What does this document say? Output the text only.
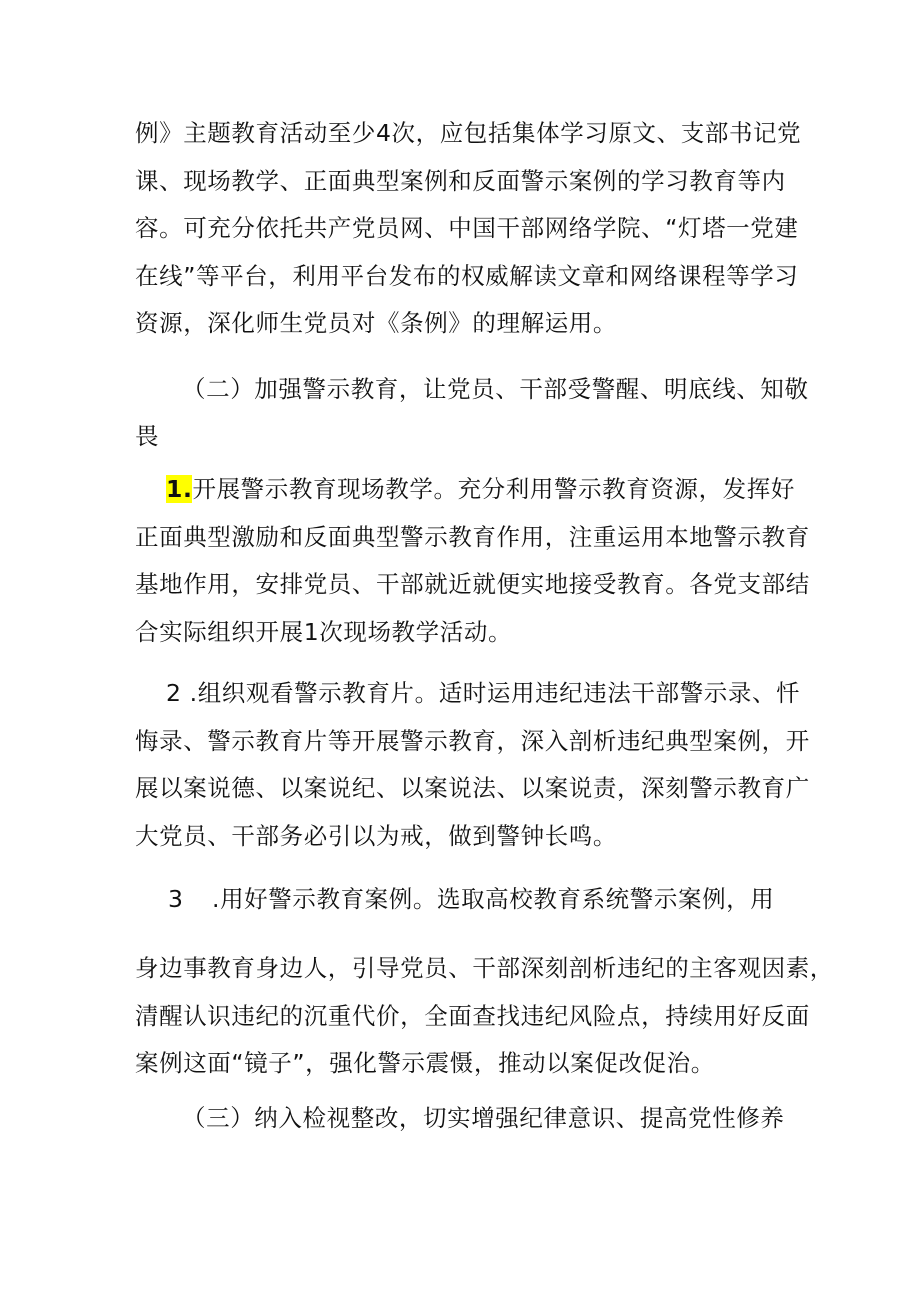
例》主题教育活动至少4次，应包括集体学习原文、支部书记党
课、现场教学、正面典型案例和反面警示案例的学习教育等内
容。可充分依托共产党员网、中国干部网络学院、“灯塔一党建
在线”等平台，利用平台发布的权威解读文章和网络课程等学习
资源，深化师生党员对《条例》的理解运用。
（二）加强警示教育，让党员、干部受警醒、明底线、知敬
畏
1.开展警示教育现场教学。充分利用警示教育资源，发挥好
正面典型激励和反面典型警示教育作用，注重运用本地警示教育
基地作用，安排党员、干部就近就便实地接受教育。各党支部结
合实际组织开展1次现场教学活动。
2 .组织观看警示教育片。适时运用违纪违法干部警示录、忏
悔录、警示教育片等开展警示教育，深入剖析违纪典型案例，开
展以案说德、以案说纪、以案说法、以案说责，深刻警示教育广
大党员、干部务必引以为戒，做到警钟长鸣。
3	.用好警示教育案例。选取高校教育系统警示案例，用
身边事教育身边人，引导党员、干部深刻剖析违纪的主客观因素，
清醒认识违纪的沉重代价，全面查找违纪风险点，持续用好反面
案例这面“镜子”，强化警示震慑，推动以案促改促治。
（三）纳入检视整改，切实增强纪律意识、提高党性修养
